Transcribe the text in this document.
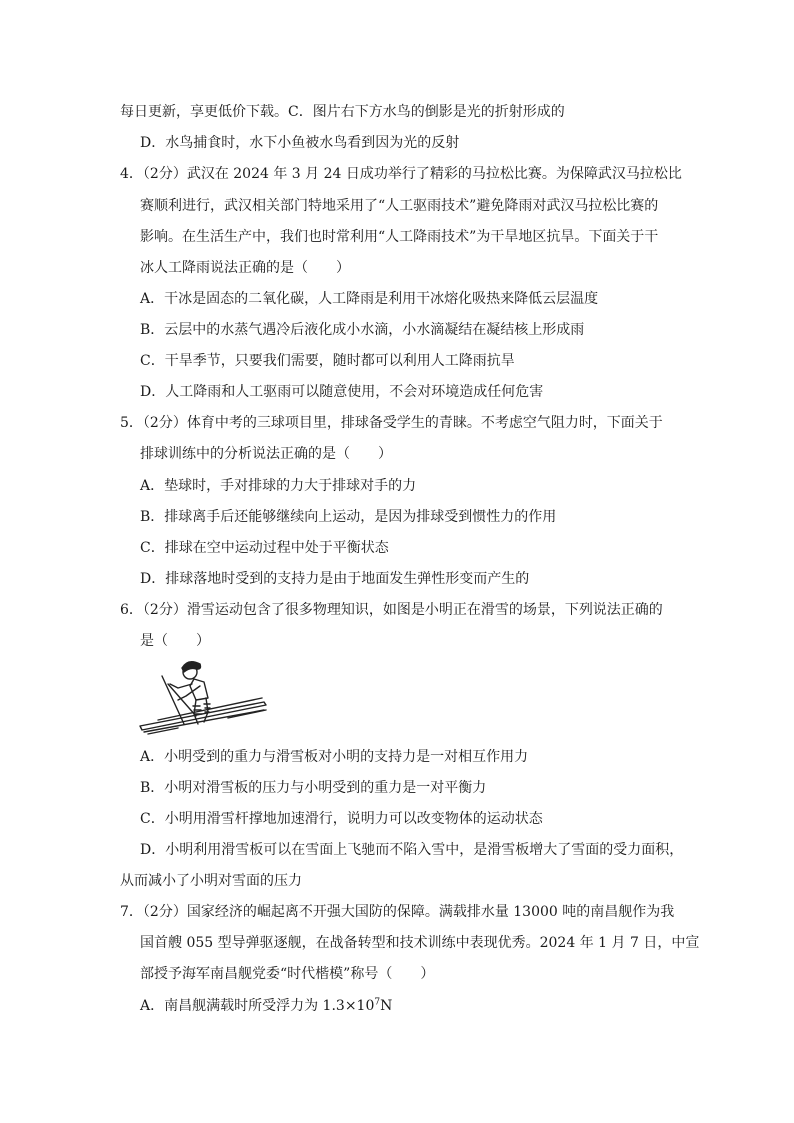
每日更新，享更低价下载。C．图片右下方水鸟的倒影是光的折射形成的
D．水鸟捕食时，水下小鱼被水鸟看到因为光的反射
4．（2分）武汉在 2024 年 3 月 24 日成功举行了精彩的马拉松比赛。为保障武汉马拉松比
赛顺利进行，武汉相关部门特地采用了“人工驱雨技术”避免降雨对武汉马拉松比赛的
影响。在生活生产中，我们也时常利用“人工降雨技术”为干旱地区抗旱。下面关于干
冰人工降雨说法正确的是（　　）
A．干冰是固态的二氧化碳，人工降雨是利用干冰熔化吸热来降低云层温度
B．云层中的水蒸气遇冷后液化成小水滴，小水滴凝结在凝结核上形成雨
C．干旱季节，只要我们需要，随时都可以利用人工降雨抗旱
D．人工降雨和人工驱雨可以随意使用，不会对环境造成任何危害
5．（2分）体育中考的三球项目里，排球备受学生的青睐。不考虑空气阻力时，下面关于
排球训练中的分析说法正确的是（　　）
A．垫球时，手对排球的力大于排球对手的力
B．排球离手后还能够继续向上运动，是因为排球受到惯性力的作用
C．排球在空中运动过程中处于平衡状态
D．排球落地时受到的支持力是由于地面发生弹性形变而产生的
6．（2分）滑雪运动包含了很多物理知识，如图是小明正在滑雪的场景，下列说法正确的
是（　　）
A．小明受到的重力与滑雪板对小明的支持力是一对相互作用力
B．小明对滑雪板的压力与小明受到的重力是一对平衡力
C．小明用滑雪杆撑地加速滑行，说明力可以改变物体的运动状态
D．小明利用滑雪板可以在雪面上飞驰而不陷入雪中，是滑雪板增大了雪面的受力面积，
从而减小了小明对雪面的压力
7．（2分）国家经济的崛起离不开强大国防的保障。满载排水量 13000 吨的南昌舰作为我
国首艘 055 型导弹驱逐舰，在战备转型和技术训练中表现优秀。2024 年 1 月 7 日，中宣
部授予海军南昌舰党委“时代楷模”称号（　　）
A．南昌舰满载时所受浮力为 $1.3\times 10^7N$
